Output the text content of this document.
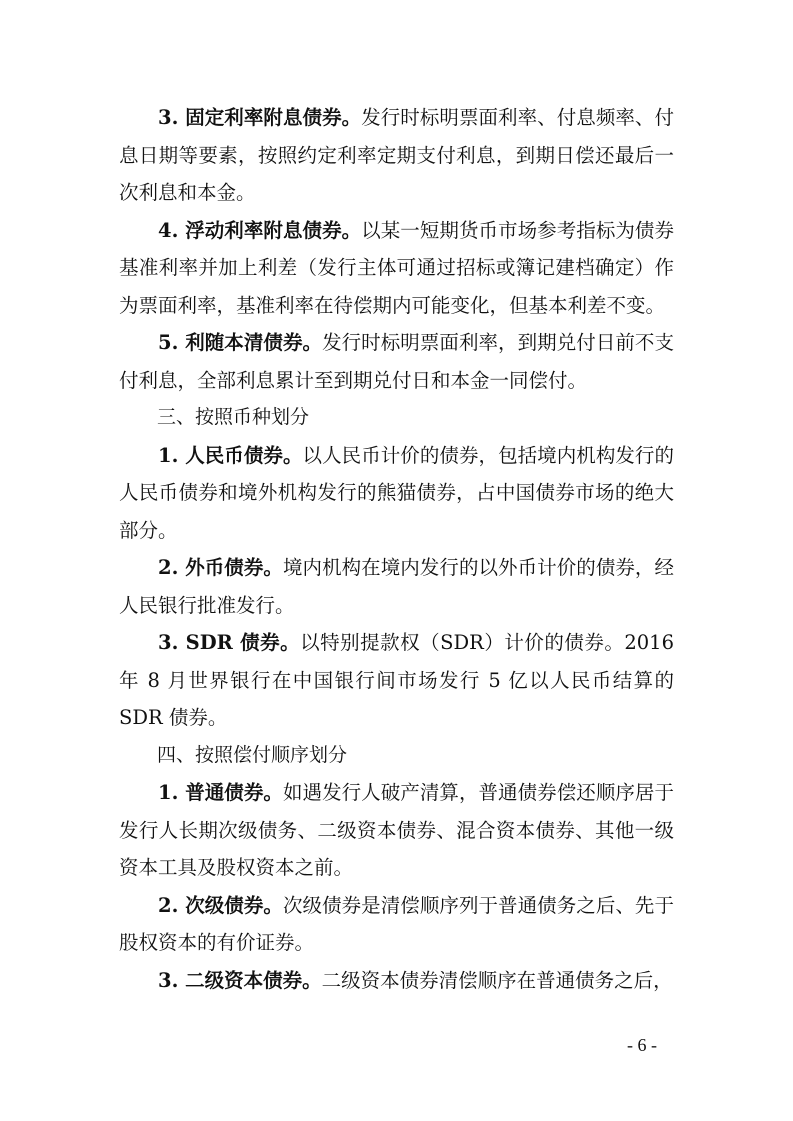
3. 固定利率附息债券。发行时标明票面利率、付息频率、付息日期等要素，按照约定利率定期支付利息，到期日偿还最后一次利息和本金。

4. 浮动利率附息债券。以某一短期货币市场参考指标为债券基准利率并加上利差（发行主体可通过招标或簿记建档确定）作为票面利率，基准利率在待偿期内可能变化，但基本利差不变。

5. 利随本清债券。发行时标明票面利率，到期兑付日前不支付利息，全部利息累计至到期兑付日和本金一同偿付。

三、按照币种划分

1. 人民币债券。以人民币计价的债券，包括境内机构发行的人民币债券和境外机构发行的熊猫债券，占中国债券市场的绝大部分。

2. 外币债券。境内机构在境内发行的以外币计价的债券，经人民银行批准发行。

3. SDR 债券。以特别提款权（SDR）计价的债券。2016 年 8 月世界银行在中国银行间市场发行 5 亿以人民币结算的 SDR 债券。

四、按照偿付顺序划分

1. 普通债券。如遇发行人破产清算，普通债券偿还顺序居于发行人长期次级债务、二级资本债券、混合资本债券、其他一级资本工具及股权资本之前。

2. 次级债券。次级债券是清偿顺序列于普通债务之后、先于股权资本的有价证券。

3. 二级资本债券。二级资本债券清偿顺序在普通债务之后，

- 6 -
